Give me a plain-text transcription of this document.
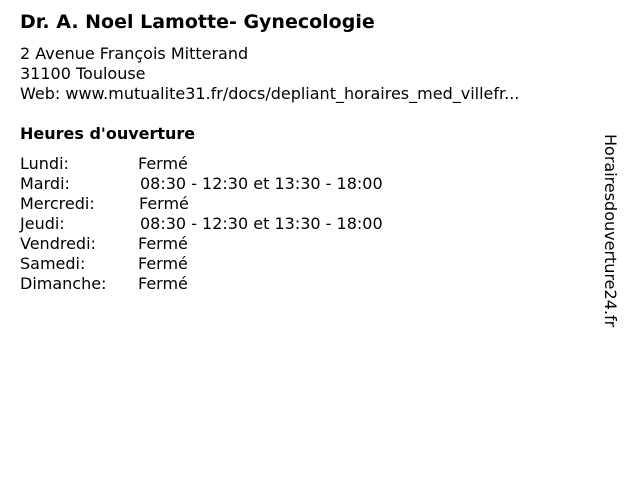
Dr. A. Noel Lamotte- Gynecologie
2 Avenue François Mitterand
31100 Toulouse
Web: www.mutualite31.fr/docs/depliant_horaires_med_villefr...
Heures d'ouverture
Lundi:	Fermé
Mardi:	08:30 - 12:30 et 13:30 - 18:00
Mercredi:	Fermé
Jeudi:	08:30 - 12:30 et 13:30 - 18:00
Vendredi:	Fermé
Samedi:	Fermé
Dimanche: Fermé	Horairesdouverture24.fr
